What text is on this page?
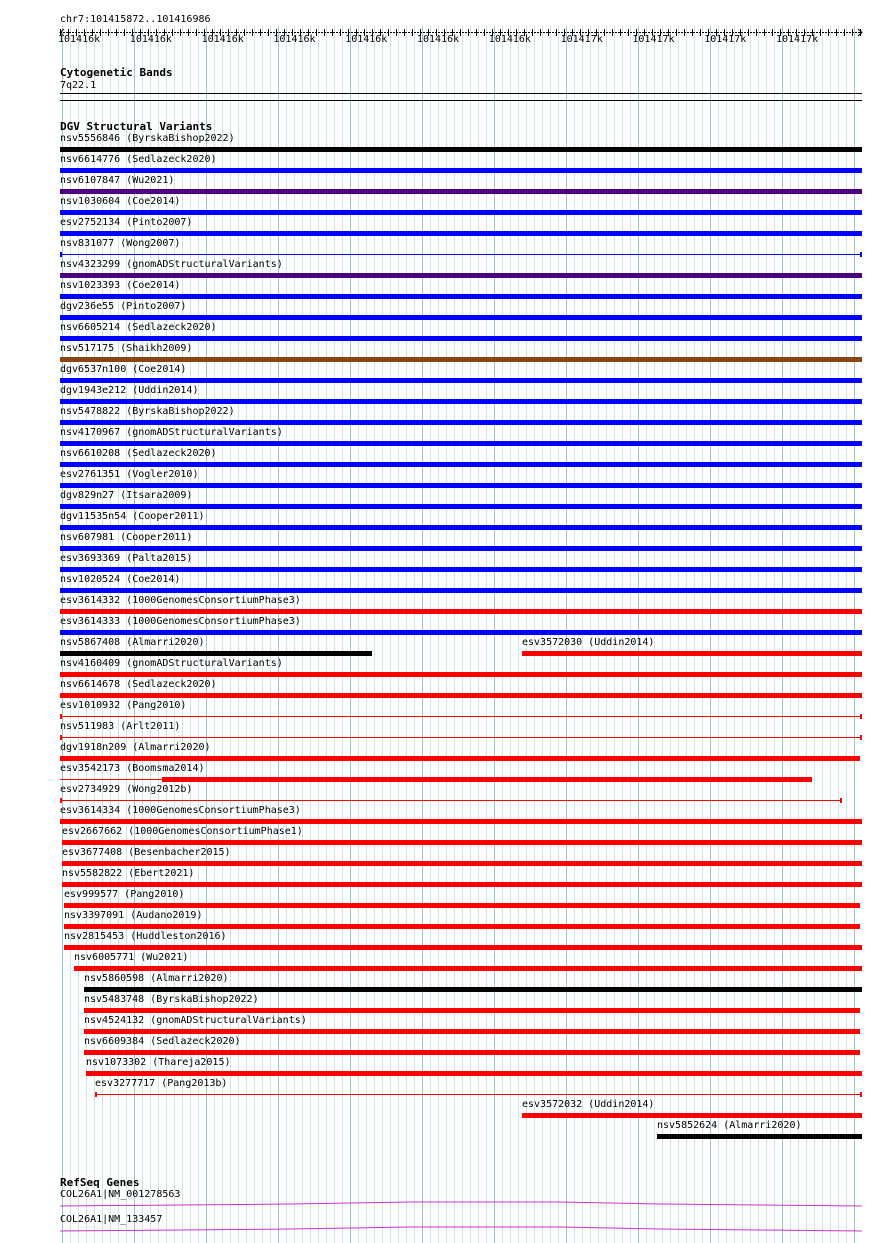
chr7:101415872..101416986
101416k	101416k	101416k	101416k	101416k	101416k	101416k	101417k	101417k	101417k	101417k
Cytogenetic Bands
7q22.1
DGV Structural Variants
nsv5556846 (ByrskaBishop2022)
nsv6614776 (Sedlazeck2020)
nsv6107847 (Wu2021)
nsv1030604 (Coe2014)
esv2752134 (Pinto2007)
nsv831077 (Wong2007)
nsv4323299 (gnomADStructuralVariants)
nsv1023393 (Coe2014)
dgv236e55 (Pinto2007)
nsv6605214 (Sedlazeck2020)
nsv517175 (Shaikh2009)
dgv6537n100 (Coe2014)
dgv1943e212 (Uddin2014)
nsv5478822 (ByrskaBishop2022)
nsv4170967 (gnomADStructuralVariants)
nsv6610208 (Sedlazeck2020)
esv2761351 (Vogler2010)
dgv829n27 (Itsara2009)
dgv11535n54 (Cooper2011)
nsv607981 (Cooper2011)
esv3693369 (Palta2015)
nsv1020524 (Coe2014)
esv3614332 (1000GenomesConsortiumPhase3)
esv3614333 (1000GenomesConsortiumPhase3)
nsv5867408 (Almarri2020)	esv3572030 (Uddin2014)
nsv4160409 (gnomADStructuralVariants)
nsv6614678 (Sedlazeck2020)
esv1010932 (Pang2010)
nsv511983 (Arlt2011)
dgv1918n209 (Almarri2020)
esv3542173 (Boomsma2014)
esv2734929 (Wong2012b)
esv3614334 (1000GenomesConsortiumPhase3)
esv2667662 (1000GenomesConsortiumPhase1)
esv3677408 (Besenbacher2015)
nsv5582822 (Ebert2021)
esv999577 (Pang2010)
nsv3397091 (Audano2019)
nsv2815453 (Huddleston2016)
nsv6005771 (Wu2021)
nsv5860598 (Almarri2020)
nsv5483748 (ByrskaBishop2022)
nsv4524132 (gnomADStructuralVariants)
nsv6609384 (Sedlazeck2020)
nsv1073302 (Thareja2015)
esv3277717 (Pang2013b)
esv3572032 (Uddin2014)
nsv5852624 (Almarri2020)
RefSeq Genes
COL26A1|NM_001278563
COL26A1|NM_133457
